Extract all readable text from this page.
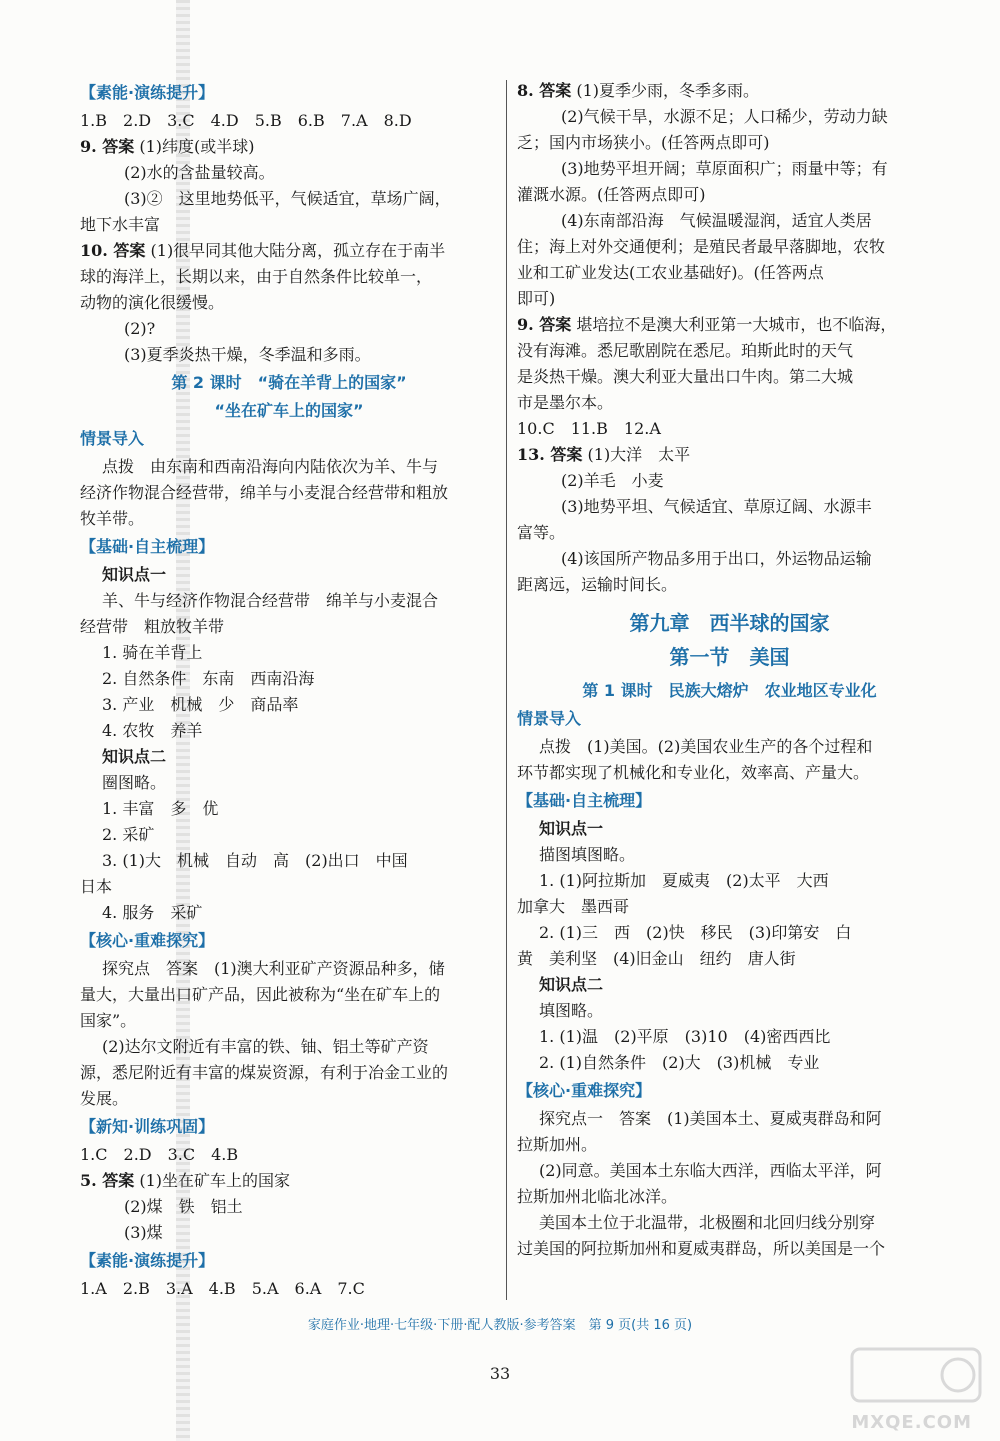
【素能·演练提升】

1.B　2.D　3.C　4.D　5.B　6.B　7.A　8.D

9. 答案 (1)纬度(或半球)

(2)水的含盐量较高。

(3)②　这里地势低平，气候适宜，草场广阔，

地下水丰富

10. 答案 (1)很早同其他大陆分离，孤立存在于南半

球的海洋上，长期以来，由于自然条件比较单一，

动物的演化很缓慢。

(2)?

(3)夏季炎热干燥，冬季温和多雨。

第 2 课时　“骑在羊背上的国家”

“坐在矿车上的国家”

情景导入

点拨　由东南和西南沿海向内陆依次为羊、牛与

经济作物混合经营带，绵羊与小麦混合经营带和粗放

牧羊带。

【基础·自主梳理】

知识点一

羊、牛与经济作物混合经营带　绵羊与小麦混合

经营带　粗放牧羊带

1. 骑在羊背上

2. 自然条件　东南　西南沿海

3. 产业　机械　少　商品率

4. 农牧　养羊

知识点二

圈图略。

1. 丰富　多　优

2. 采矿

3. (1)大　机械　自动　高　(2)出口　中国

日本

4. 服务　采矿

【核心·重难探究】

探究点　答案　(1)澳大利亚矿产资源品种多，储

量大，大量出口矿产品，因此被称为“坐在矿车上的

国家”。

(2)达尔文附近有丰富的铁、铀、铝土等矿产资

源，悉尼附近有丰富的煤炭资源，有利于冶金工业的

发展。

【新知·训练巩固】

1.C　2.D　3.C　4.B

5. 答案 (1)坐在矿车上的国家

(2)煤　铁　铝土

(3)煤

【素能·演练提升】

1.A　2.B　3.A　4.B　5.A　6.A　7.C

8. 答案 (1)夏季少雨，冬季多雨。

(2)气候干旱，水源不足；人口稀少，劳动力缺

乏；国内市场狭小。(任答两点即可)

(3)地势平坦开阔；草原面积广；雨量中等；有

灌溉水源。(任答两点即可)

(4)东南部沿海　气候温暖湿润，适宜人类居

住；海上对外交通便利；是殖民者最早落脚地，农牧

业和工矿业发达(工农业基础好)。(任答两点

即可)

9. 答案 堪培拉不是澳大利亚第一大城市，也不临海，

没有海滩。悉尼歌剧院在悉尼。珀斯此时的天气

是炎热干燥。澳大利亚大量出口牛肉。第二大城

市是墨尔本。

10.C　11.B　12.A

13. 答案 (1)大洋　太平

(2)羊毛　小麦

(3)地势平坦、气候适宜、草原辽阔、水源丰

富等。

(4)该国所产物品多用于出口，外运物品运输

距离远，运输时间长。

第九章　西半球的国家

第一节　美国

第 1 课时　民族大熔炉　农业地区专业化

情景导入

点拨　(1)美国。(2)美国农业生产的各个过程和

环节都实现了机械化和专业化，效率高、产量大。

【基础·自主梳理】

知识点一

描图填图略。

1. (1)阿拉斯加　夏威夷　(2)太平　大西

加拿大　墨西哥

2. (1)三　西　(2)快　移民　(3)印第安　白

黄　美利坚　(4)旧金山　纽约　唐人街

知识点二

填图略。

1. (1)温　(2)平原　(3)10　(4)密西西比

2. (1)自然条件　(2)大　(3)机械　专业

【核心·重难探究】

探究点一　答案　(1)美国本土、夏威夷群岛和阿

拉斯加州。

(2)同意。美国本土东临大西洋，西临太平洋，阿

拉斯加州北临北冰洋。

美国本土位于北温带，北极圈和北回归线分别穿

过美国的阿拉斯加州和夏威夷群岛，所以美国是一个

家庭作业·地理·七年级·下册·配人教版·参考答案　第 9 页(共 16 页)
33
MXQE.COM
